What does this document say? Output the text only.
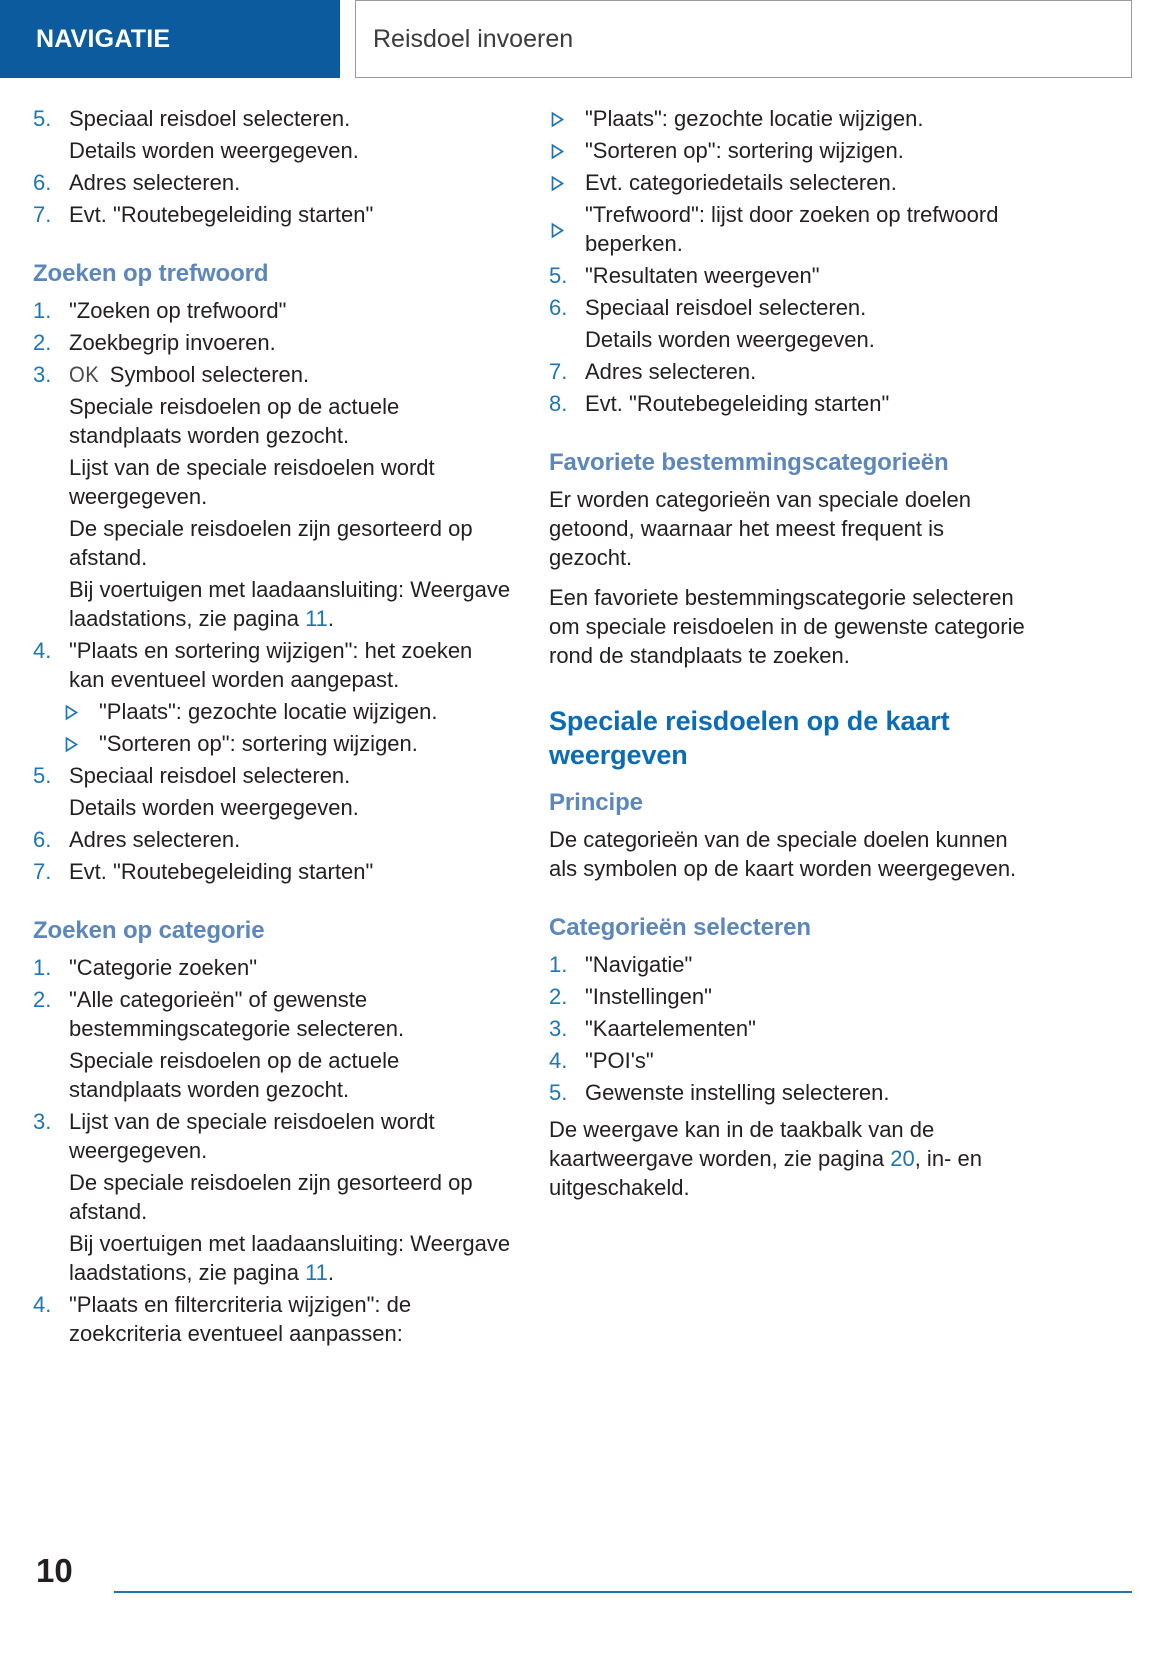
NAVIGATIE	Reisdoel invoeren
5. Speciaal reisdoel selecteren.
Details worden weergegeven.
6. Adres selecteren.
7. Evt. "Routebegeleiding starten"
Zoeken op trefwoord
1. "Zoeken op trefwoord"
2. Zoekbegrip invoeren.
3. OK Symbool selecteren.
Speciale reisdoelen op de actuele standplaats worden gezocht.
Lijst van de speciale reisdoelen wordt weergegeven.
De speciale reisdoelen zijn gesorteerd op afstand.
Bij voertuigen met laadaansluiting: Weergave laadstations, zie pagina 11.
4. "Plaats en sortering wijzigen": het zoeken kan eventueel worden aangepast.
"Plaats": gezochte locatie wijzigen.
"Sorteren op": sortering wijzigen.
5. Speciaal reisdoel selecteren.
Details worden weergegeven.
6. Adres selecteren.
7. Evt. "Routebegeleiding starten"
Zoeken op categorie
1. "Categorie zoeken"
2. "Alle categorieën" of gewenste bestemmingscategorie selecteren.
Speciale reisdoelen op de actuele standplaats worden gezocht.
3. Lijst van de speciale reisdoelen wordt weergegeven.
De speciale reisdoelen zijn gesorteerd op afstand.
Bij voertuigen met laadaansluiting: Weergave laadstations, zie pagina 11.
4. "Plaats en filtercriteria wijzigen": de zoekcriteria eventueel aanpassen:
"Plaats": gezochte locatie wijzigen.
"Sorteren op": sortering wijzigen.
Evt. categoriedetails selecteren.
"Trefwoord": lijst door zoeken op trefwoord beperken.
5. "Resultaten weergeven"
6. Speciaal reisdoel selecteren.
Details worden weergegeven.
7. Adres selecteren.
8. Evt. "Routebegeleiding starten"
Favoriete bestemmingscategorieën

Er worden categorieën van speciale doelen getoond, waarnaar het meest frequent is gezocht.

Een favoriete bestemmingscategorie selecteren om speciale reisdoelen in de gewenste categorie rond de standplaats te zoeken.

Speciale reisdoelen op de kaart weergeven
Principe

De categorieën van de speciale doelen kunnen als symbolen op de kaart worden weergegeven.

Categorieën selecteren
1. "Navigatie"
2. "Instellingen"
3. "Kaartelementen"
4. "POI's"
5. Gewenste instelling selecteren.

De weergave kan in de taakbalk van de kaartweergave worden, zie pagina 20, in- en uitgeschakeld.

10
